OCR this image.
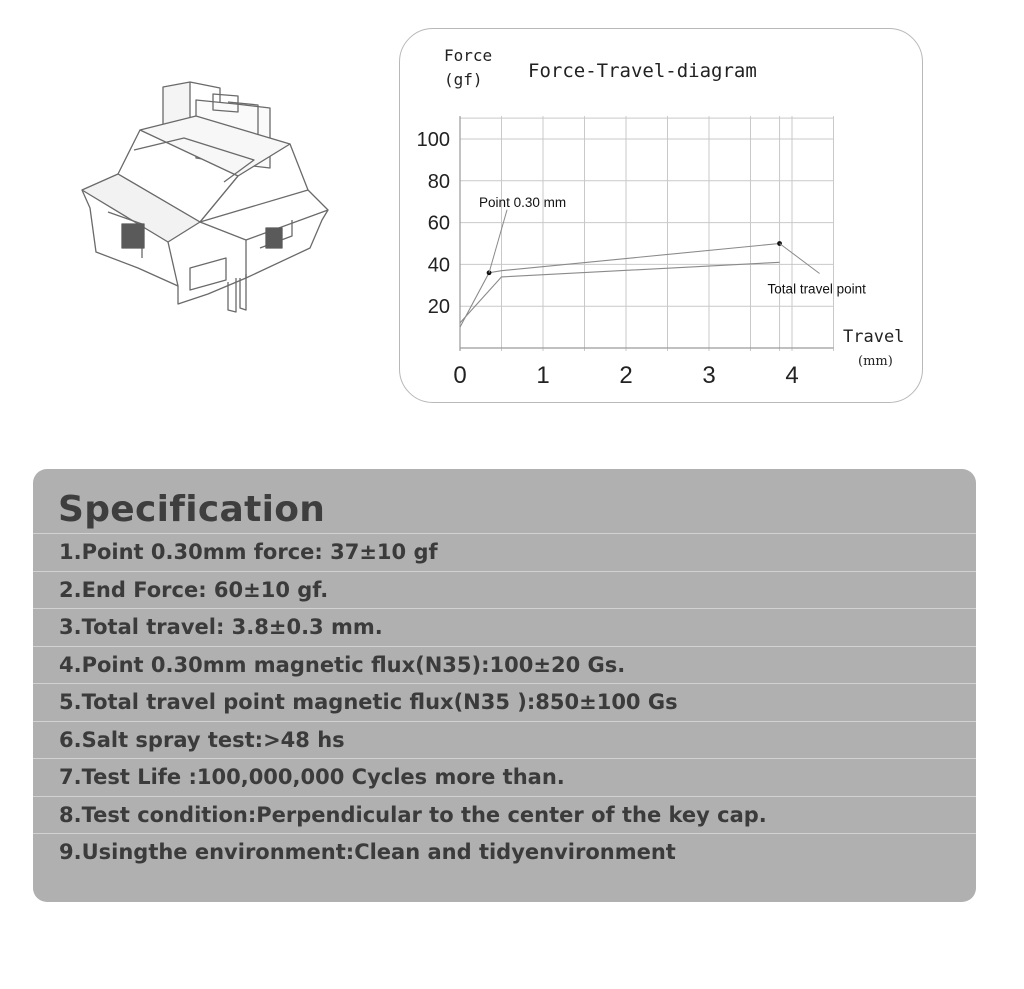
0	1	2	3	4
20
40
60
80
100
Point 0.30 mm
Total travel point
Force-Travel-diagram
Force
(gf)
Travel
(mm)
Specification
1.Point 0.30mm force: 37±10 gf
2.End Force: 60±10 gf.
3.Total travel: 3.8±0.3 mm.
4.Point 0.30mm magnetic flux(N35):100±20 Gs.
5.Total travel point magnetic flux(N35 ):850±100 Gs
6.Salt spray test:>48 hs
7.Test Life :100,000,000 Cycles more than.
8.Test condition:Perpendicular to the center of the key cap.
9.Usingthe environment:Clean and tidyenvironment
